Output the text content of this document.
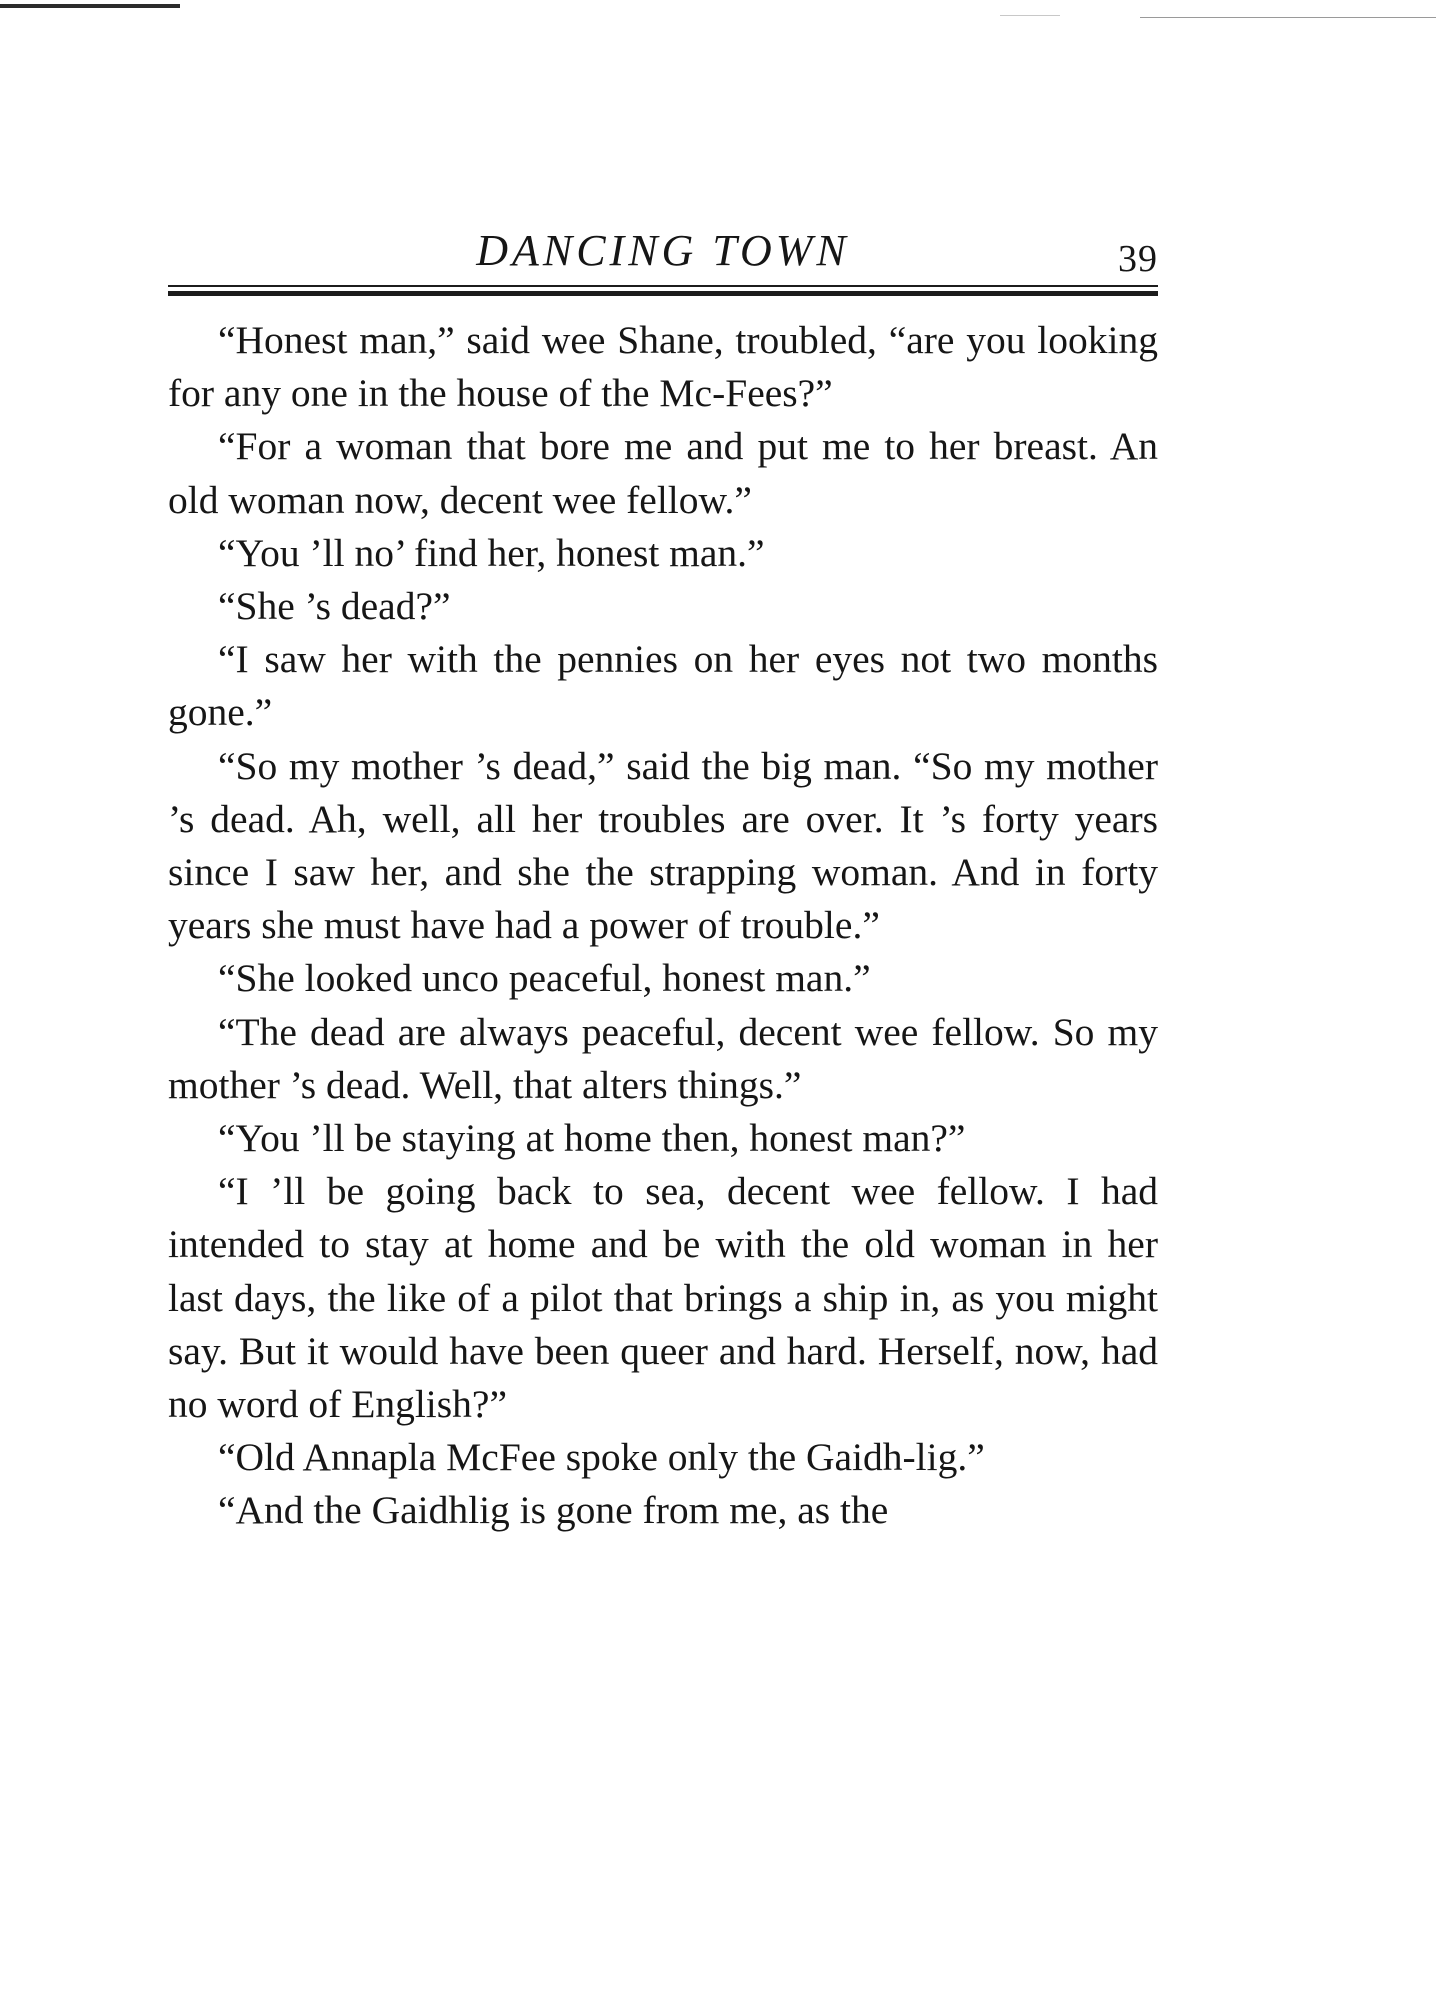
DANCING TOWN	39

“Honest man,” said wee Shane, troubled, “are you looking for any one in the house of the Mc-Fees?”

“For a woman that bore me and put me to her breast. An old woman now, decent wee fellow.”

“You ’ll no’ find her, honest man.”

“She ’s dead?”

“I saw her with the pennies on her eyes not two months gone.”

“So my mother ’s dead,” said the big man. “So my mother ’s dead. Ah, well, all her troubles are over. It ’s forty years since I saw her, and she the strapping woman. And in forty years she must have had a power of trouble.”

“She looked unco peaceful, honest man.”

“The dead are always peaceful, decent wee fellow. So my mother ’s dead. Well, that alters things.”

“You ’ll be staying at home then, honest man?”

“I ’ll be going back to sea, decent wee fellow. I had intended to stay at home and be with the old woman in her last days, the like of a pilot that brings a ship in, as you might say. But it would have been queer and hard. Herself, now, had no word of English?”

“Old Annapla McFee spoke only the Gaidh-lig.”

“And the Gaidhlig is gone from me, as the
